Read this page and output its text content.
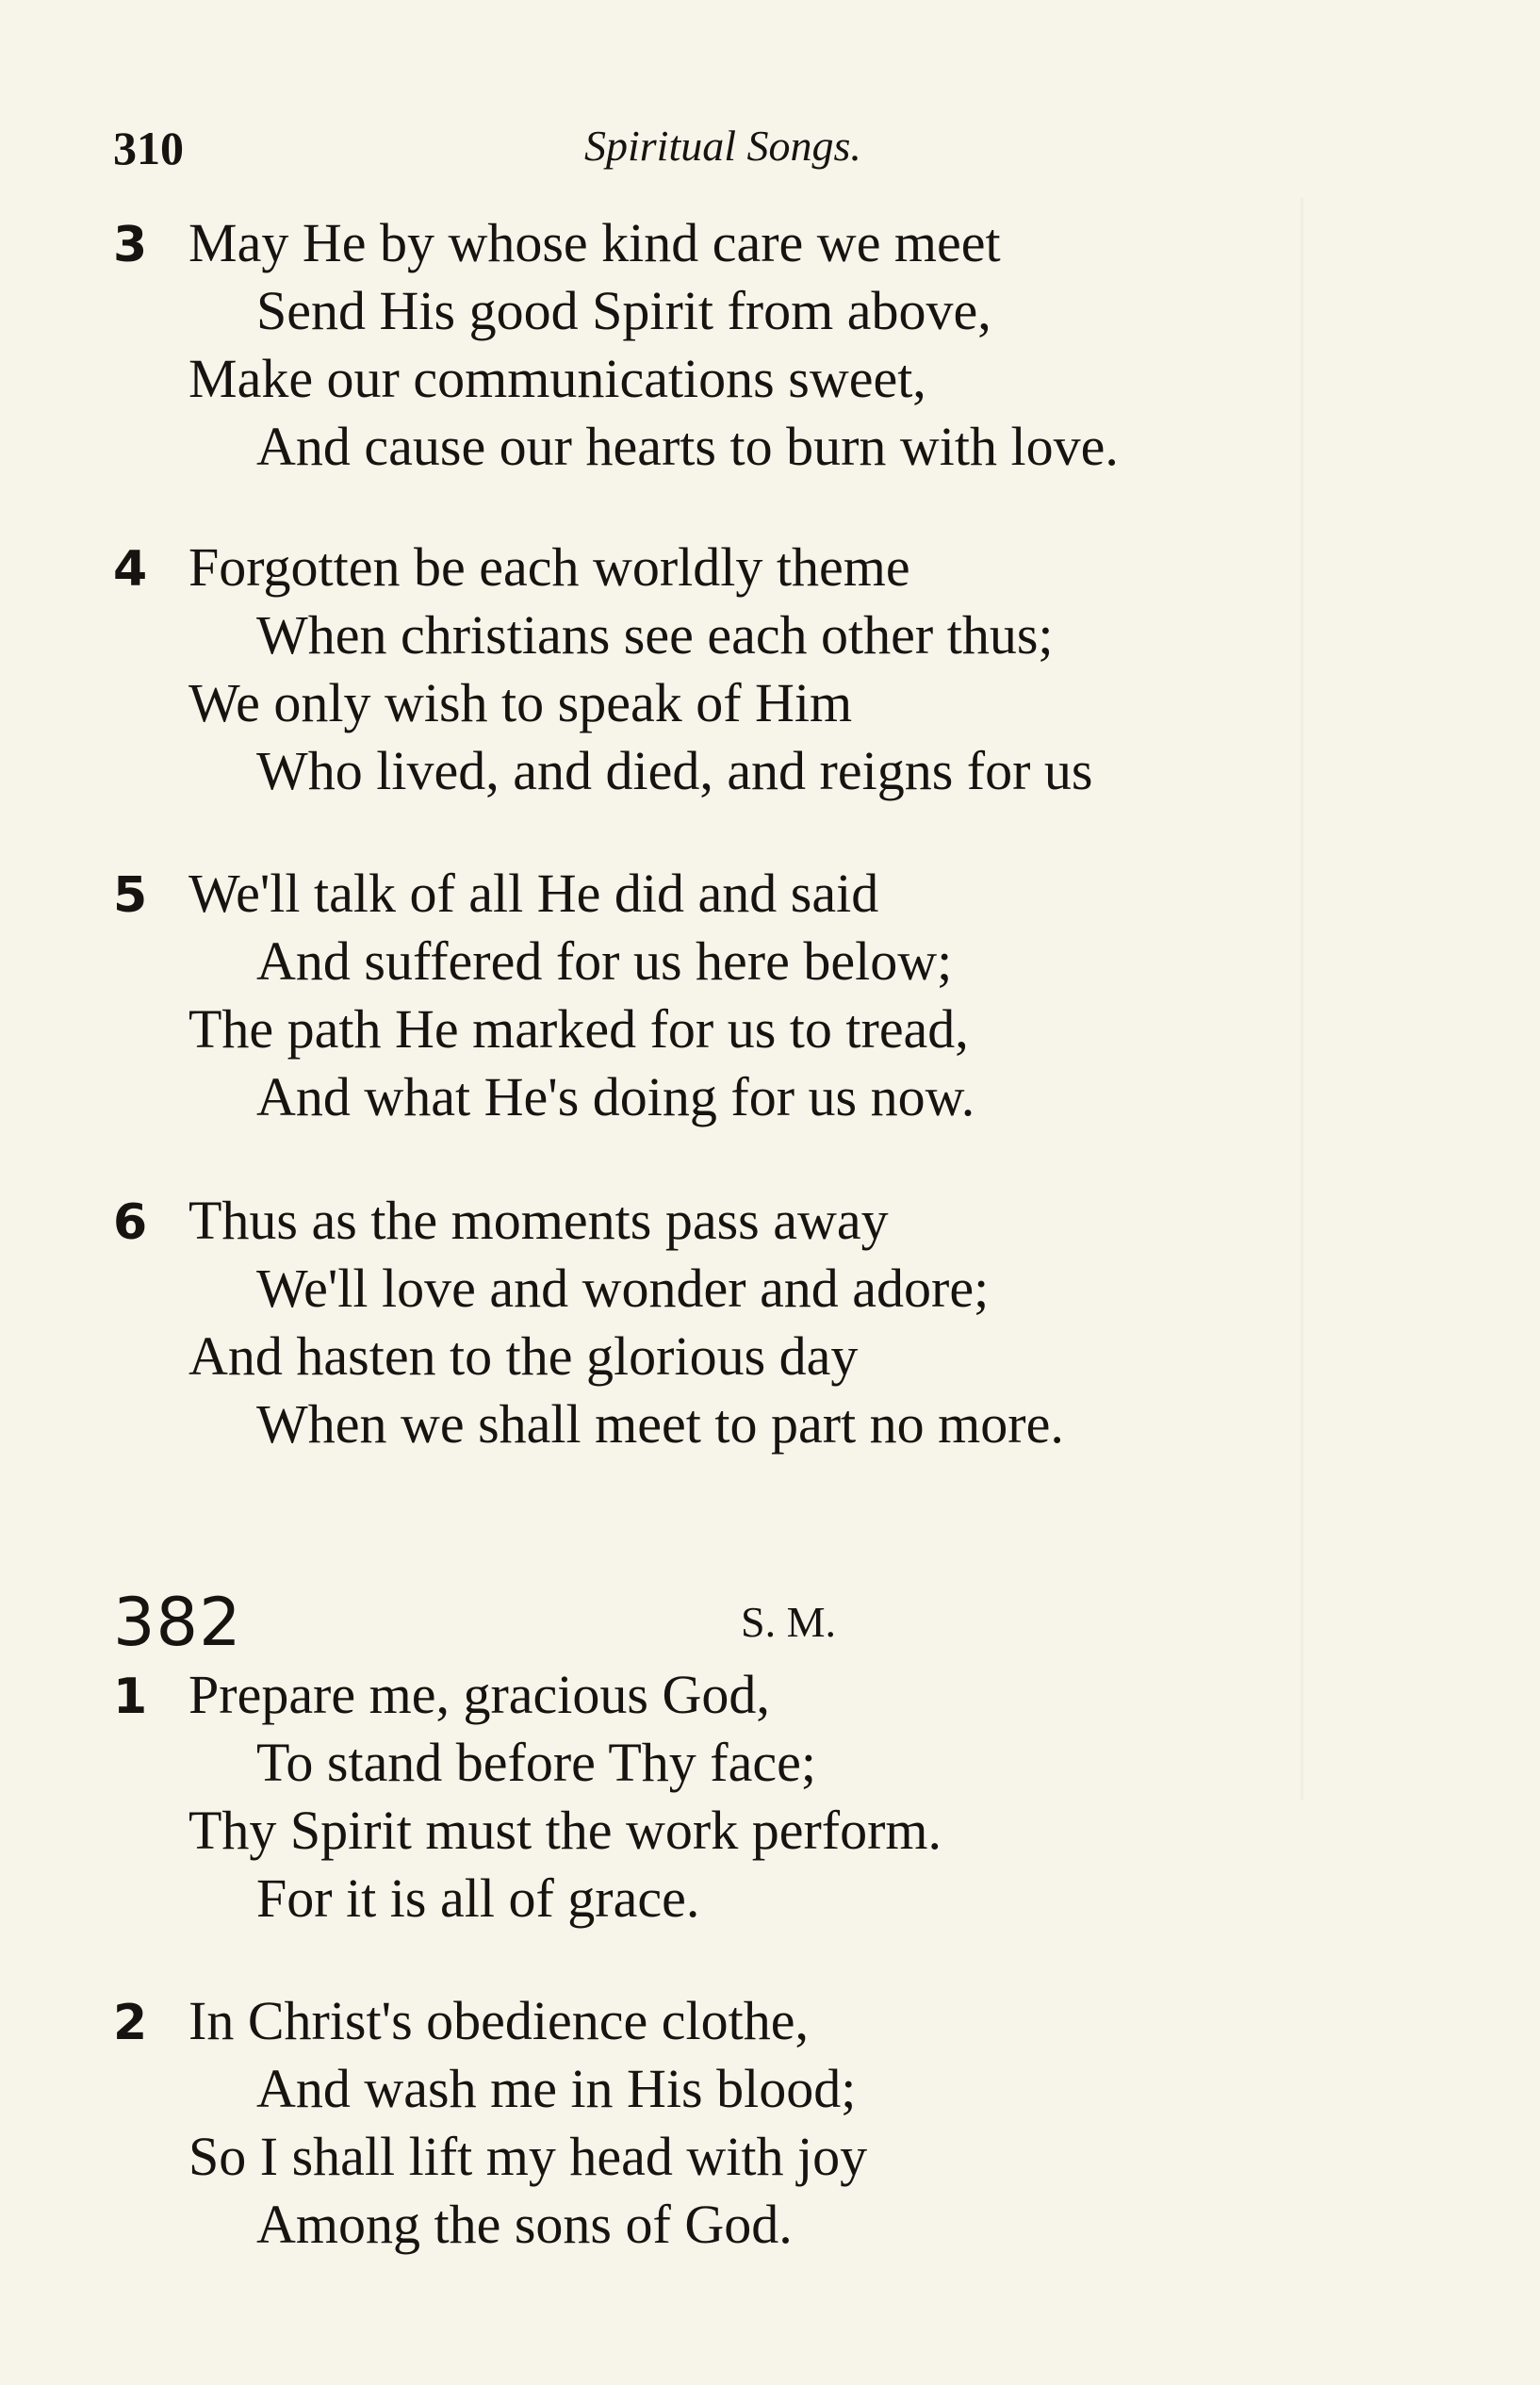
310	Spiritual Songs.
3 May He by whose kind care we meet
Send His good Spirit from above,
Make our communications sweet,
And cause our hearts to burn with love.
4 Forgotten be each worldly theme
When christians see each other thus;
We only wish to speak of Him
Who lived, and died, and reigns for us
5 We'll talk of all He did and said
And suffered for us here below;
The path He marked for us to tread,
And what He's doing for us now.
6 Thus as the moments pass away
We'll love and wonder and adore;
And hasten to the glorious day
When we shall meet to part no more.
382	S. M.
1 Prepare me, gracious God,
To stand before Thy face;
Thy Spirit must the work perform.
For it is all of grace.
2 In Christ's obedience clothe,
And wash me in His blood;
So I shall lift my head with joy
Among the sons of God.
